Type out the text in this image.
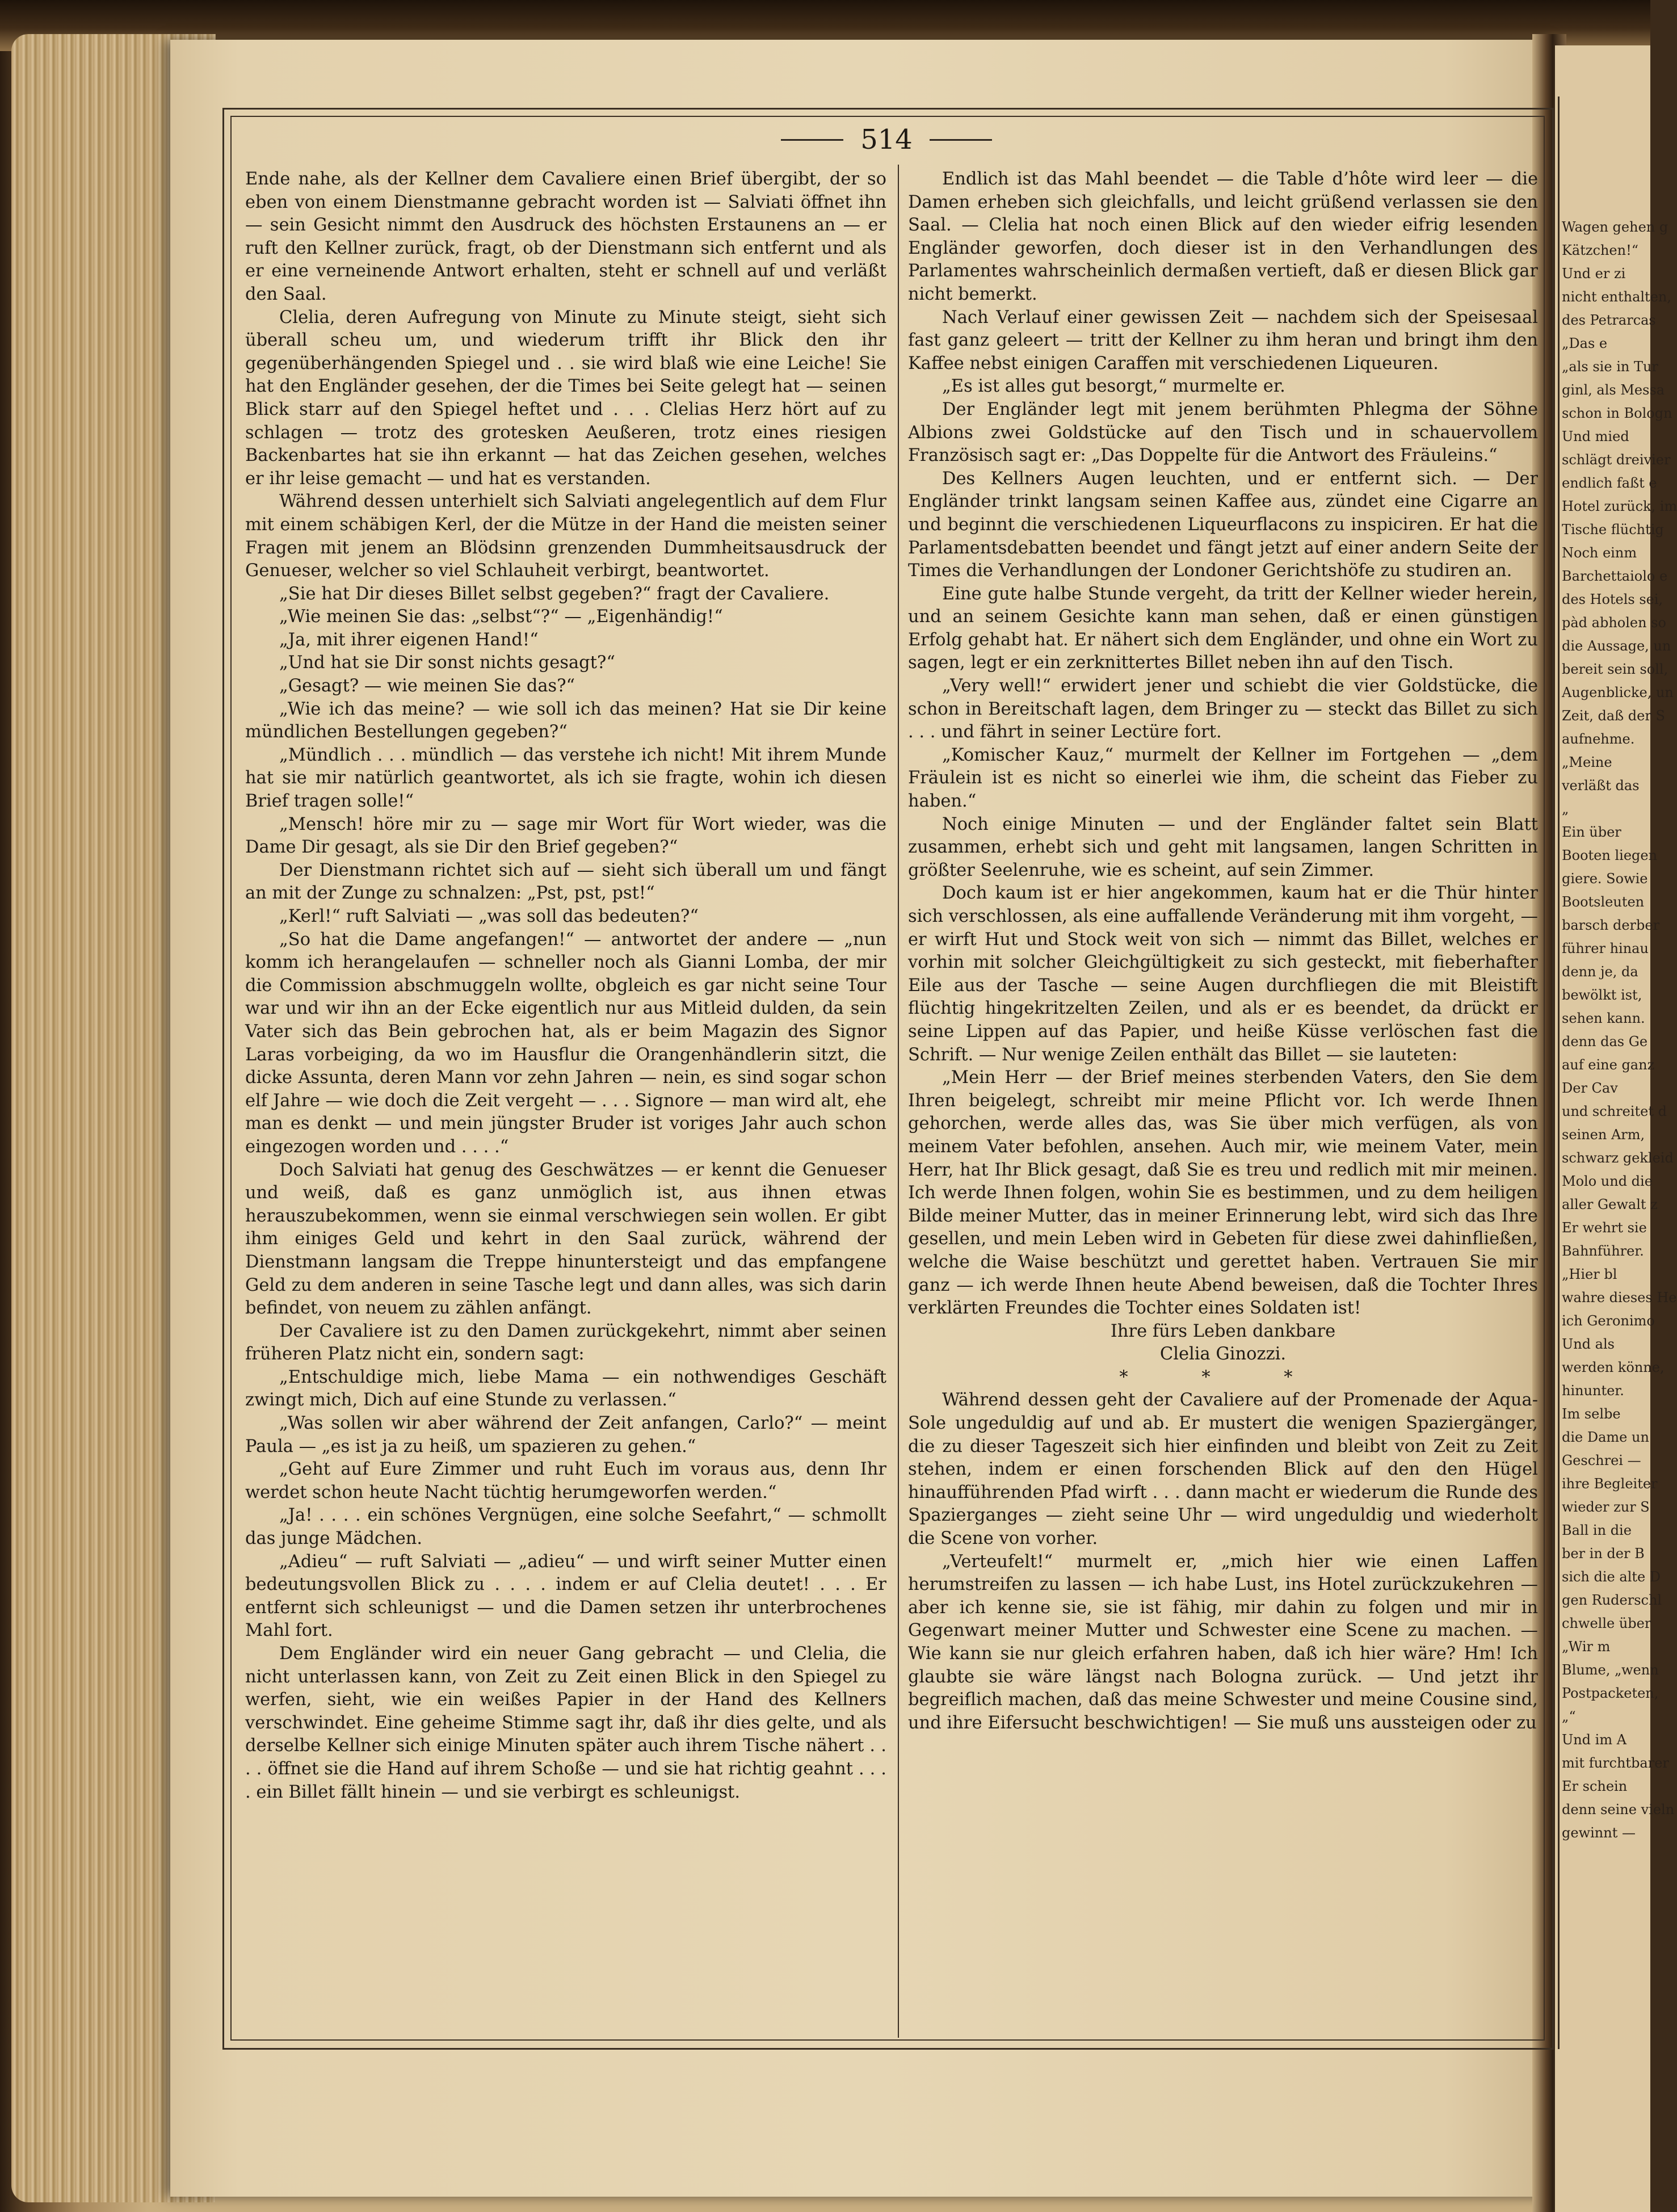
Wagen gehen g
Kätzchen!“
Und er zi
nicht enthalten,
des Petrarcas
„Das e
„als sie in Tur
ginl, als Messa
schon in Bologn
Und mied
schlägt dreivier
endlich faßt e
Hotel zurück, im
Tische flüchtig
Noch einm
Barchettaiolo e
des Hotels sei,
pàd abholen so
die Aussage, un
bereit sein soll,
Augenblicke, un
Zeit, daß der S
aufnehme.
„Meine
verläßt das
„
Ein über
Booten liegen
giere. Sowie
Bootsleuten
barsch derber
führer hinau
denn je, da
bewölkt ist,
sehen kann.
denn das Ge
auf eine ganz
Der Cav
und schreitet d
seinen Arm,
schwarz gekleid
Molo und die
aller Gewalt z
Er wehrt sie
Bahnführer.
„Hier bl
wahre dieses He
ich Geronimo
Und als
werden könne,
hinunter.
Im selbe
die Dame un
Geschrei —
ihre Begleiter
wieder zur S
Ball in die
ber in der B
sich die alte D
gen Ruderschl
chwelle über
„Wir m
Blume, „wenn
Postpacketen,
„“
Und im A
mit furchtbarer
Er schein
denn seine vieln
gewinnt —
514

Ende nahe, als der Kellner dem Cavaliere einen Brief übergibt, der so eben von einem Dienstmanne gebracht worden ist — Salviati öffnet ihn — sein Gesicht nimmt den Ausdruck des höchsten Erstaunens an — er ruft den Kellner zurück, fragt, ob der Dienstmann sich entfernt und als er eine verneinende Antwort erhalten, steht er schnell auf und verläßt den Saal.

Clelia, deren Aufregung von Minute zu Minute steigt, sieht sich überall scheu um, und wiederum trifft ihr Blick den ihr gegenüberhängenden Spiegel und . . sie wird blaß wie eine Leiche! Sie hat den Engländer gesehen, der die Times bei Seite gelegt hat — seinen Blick starr auf den Spiegel heftet und . . . Clelias Herz hört auf zu schlagen — trotz des grotesken Aeußeren, trotz eines riesigen Backenbartes hat sie ihn erkannt — hat das Zeichen gesehen, welches er ihr leise gemacht — und hat es verstanden.

Während dessen unterhielt sich Salviati angelegentlich auf dem Flur mit einem schäbigen Kerl, der die Mütze in der Hand die meisten seiner Fragen mit jenem an Blödsinn grenzenden Dummheitsausdruck der Genueser, welcher so viel Schlauheit verbirgt, beantwortet.

„Sie hat Dir dieses Billet selbst gegeben?“ fragt der Cavaliere.

„Wie meinen Sie das: „selbst“?“ — „Eigenhändig!“

„Ja, mit ihrer eigenen Hand!“

„Und hat sie Dir sonst nichts gesagt?“

„Gesagt? — wie meinen Sie das?“

„Wie ich das meine? — wie soll ich das meinen? Hat sie Dir keine mündlichen Bestellungen gegeben?“

„Mündlich . . . mündlich — das verstehe ich nicht! Mit ihrem Munde hat sie mir natürlich geantwortet, als ich sie fragte, wohin ich diesen Brief tragen solle!“

„Mensch! höre mir zu — sage mir Wort für Wort wieder, was die Dame Dir gesagt, als sie Dir den Brief gegeben?“

Der Dienstmann richtet sich auf — sieht sich überall um und fängt an mit der Zunge zu schnalzen: „Pst, pst, pst!“

„Kerl!“ ruft Salviati — „was soll das bedeuten?“

„So hat die Dame angefangen!“ — antwortet der andere — „nun komm ich herangelaufen — schneller noch als Gianni Lomba, der mir die Commission abschmuggeln wollte, obgleich es gar nicht seine Tour war und wir ihn an der Ecke eigentlich nur aus Mitleid dulden, da sein Vater sich das Bein gebrochen hat, als er beim Magazin des Signor Laras vorbeiging, da wo im Hausflur die Orangenhändlerin sitzt, die dicke Assunta, deren Mann vor zehn Jahren — nein, es sind sogar schon elf Jahre — wie doch die Zeit vergeht — . . . Signore — man wird alt, ehe man es denkt — und mein jüngster Bruder ist voriges Jahr auch schon eingezogen worden und . . . .“

Doch Salviati hat genug des Geschwätzes — er kennt die Genueser und weiß, daß es ganz unmöglich ist, aus ihnen etwas herauszubekommen, wenn sie einmal verschwiegen sein wollen. Er gibt ihm einiges Geld und kehrt in den Saal zurück, während der Dienstmann langsam die Treppe hinuntersteigt und das empfangene Geld zu dem anderen in seine Tasche legt und dann alles, was sich darin befindet, von neuem zu zählen anfängt.

Der Cavaliere ist zu den Damen zurückgekehrt, nimmt aber seinen früheren Platz nicht ein, sondern sagt:

„Entschuldige mich, liebe Mama — ein nothwendiges Geschäft zwingt mich, Dich auf eine Stunde zu verlassen.“

„Was sollen wir aber während der Zeit anfangen, Carlo?“ — meint Paula — „es ist ja zu heiß, um spazieren zu gehen.“

„Geht auf Eure Zimmer und ruht Euch im voraus aus, denn Ihr werdet schon heute Nacht tüchtig herumgeworfen werden.“

„Ja! . . . . ein schönes Vergnügen, eine solche Seefahrt,“ — schmollt das junge Mädchen.

„Adieu“ — ruft Salviati — „adieu“ — und wirft seiner Mutter einen bedeutungsvollen Blick zu . . . . indem er auf Clelia deutet! . . . Er entfernt sich schleunigst — und die Damen setzen ihr unterbrochenes Mahl fort.

Dem Engländer wird ein neuer Gang gebracht — und Clelia, die nicht unterlassen kann, von Zeit zu Zeit einen Blick in den Spiegel zu werfen, sieht, wie ein weißes Papier in der Hand des Kellners verschwindet. Eine geheime Stimme sagt ihr, daß ihr dies gelte, und als derselbe Kellner sich einige Minuten später auch ihrem Tische nähert . . . . öffnet sie die Hand auf ihrem Schoße — und sie hat richtig geahnt . . . . ein Billet fällt hinein — und sie verbirgt es schleunigst.

Endlich ist das Mahl beendet — die Table d’hôte wird leer — die Damen erheben sich gleichfalls, und leicht grüßend verlassen sie den Saal. — Clelia hat noch einen Blick auf den wieder eifrig lesenden Engländer geworfen, doch dieser ist in den Verhandlungen des Parlamentes wahrscheinlich dermaßen vertieft, daß er diesen Blick gar nicht bemerkt.

Nach Verlauf einer gewissen Zeit — nachdem sich der Speisesaal fast ganz geleert — tritt der Kellner zu ihm heran und bringt ihm den Kaffee nebst einigen Caraffen mit verschiedenen Liqueuren.

„Es ist alles gut besorgt,“ murmelte er.

Der Engländer legt mit jenem berühmten Phlegma der Söhne Albions zwei Goldstücke auf den Tisch und in schauervollem Französisch sagt er: „Das Doppelte für die Antwort des Fräuleins.“

Des Kellners Augen leuchten, und er entfernt sich. — Der Engländer trinkt langsam seinen Kaffee aus, zündet eine Cigarre an und beginnt die verschiedenen Liqueurflacons zu inspiciren. Er hat die Parlamentsdebatten beendet und fängt jetzt auf einer andern Seite der Times die Verhandlungen der Londoner Gerichtshöfe zu studiren an.

Eine gute halbe Stunde vergeht, da tritt der Kellner wieder herein, und an seinem Gesichte kann man sehen, daß er einen günstigen Erfolg gehabt hat. Er nähert sich dem Engländer, und ohne ein Wort zu sagen, legt er ein zerknittertes Billet neben ihn auf den Tisch.

„Very well!“ erwidert jener und schiebt die vier Goldstücke, die schon in Bereitschaft lagen, dem Bringer zu — steckt das Billet zu sich . . . und fährt in seiner Lectüre fort.

„Komischer Kauz,“ murmelt der Kellner im Fortgehen — „dem Fräulein ist es nicht so einerlei wie ihm, die scheint das Fieber zu haben.“

Noch einige Minuten — und der Engländer faltet sein Blatt zusammen, erhebt sich und geht mit langsamen, langen Schritten in größter Seelenruhe, wie es scheint, auf sein Zimmer.

Doch kaum ist er hier angekommen, kaum hat er die Thür hinter sich verschlossen, als eine auffallende Veränderung mit ihm vorgeht, — er wirft Hut und Stock weit von sich — nimmt das Billet, welches er vorhin mit solcher Gleichgültigkeit zu sich gesteckt, mit fieberhafter Eile aus der Tasche — seine Augen durchfliegen die mit Bleistift flüchtig hingekritzelten Zeilen, und als er es beendet, da drückt er seine Lippen auf das Papier, und heiße Küsse verlöschen fast die Schrift. — Nur wenige Zeilen enthält das Billet — sie lauteten:

„Mein Herr — der Brief meines sterbenden Vaters, den Sie dem Ihren beigelegt, schreibt mir meine Pflicht vor. Ich werde Ihnen gehorchen, werde alles das, was Sie über mich verfügen, als von meinem Vater befohlen, ansehen. Auch mir, wie meinem Vater, mein Herr, hat Ihr Blick gesagt, daß Sie es treu und redlich mit mir meinen. Ich werde Ihnen folgen, wohin Sie es bestimmen, und zu dem heiligen Bilde meiner Mutter, das in meiner Erinnerung lebt, wird sich das Ihre gesellen, und mein Leben wird in Gebeten für diese zwei dahinfließen, welche die Waise beschützt und gerettet haben. Vertrauen Sie mir ganz — ich werde Ihnen heute Abend beweisen, daß die Tochter Ihres verklärten Freundes die Tochter eines Soldaten ist!

Ihre fürs Leben dankbare

Clelia Ginozzi.

* * *

Während dessen geht der Cavaliere auf der Promenade der Aqua-Sole ungeduldig auf und ab. Er mustert die wenigen Spaziergänger, die zu dieser Tageszeit sich hier einfinden und bleibt von Zeit zu Zeit stehen, indem er einen forschenden Blick auf den den Hügel hinaufführenden Pfad wirft . . . dann macht er wiederum die Runde des Spazierganges — zieht seine Uhr — wird ungeduldig und wiederholt die Scene von vorher.

„Verteufelt!“ murmelt er, „mich hier wie einen Laffen herumstreifen zu lassen — ich habe Lust, ins Hotel zurückzukehren — aber ich kenne sie, sie ist fähig, mir dahin zu folgen und mir in Gegenwart meiner Mutter und Schwester eine Scene zu machen. — Wie kann sie nur gleich erfahren haben, daß ich hier wäre? Hm! Ich glaubte sie wäre längst nach Bologna zurück. — Und jetzt ihr begreiflich machen, daß das meine Schwester und meine Cousine sind, und ihre Eifersucht beschwichtigen! — Sie muß uns aussteigen oder zu
